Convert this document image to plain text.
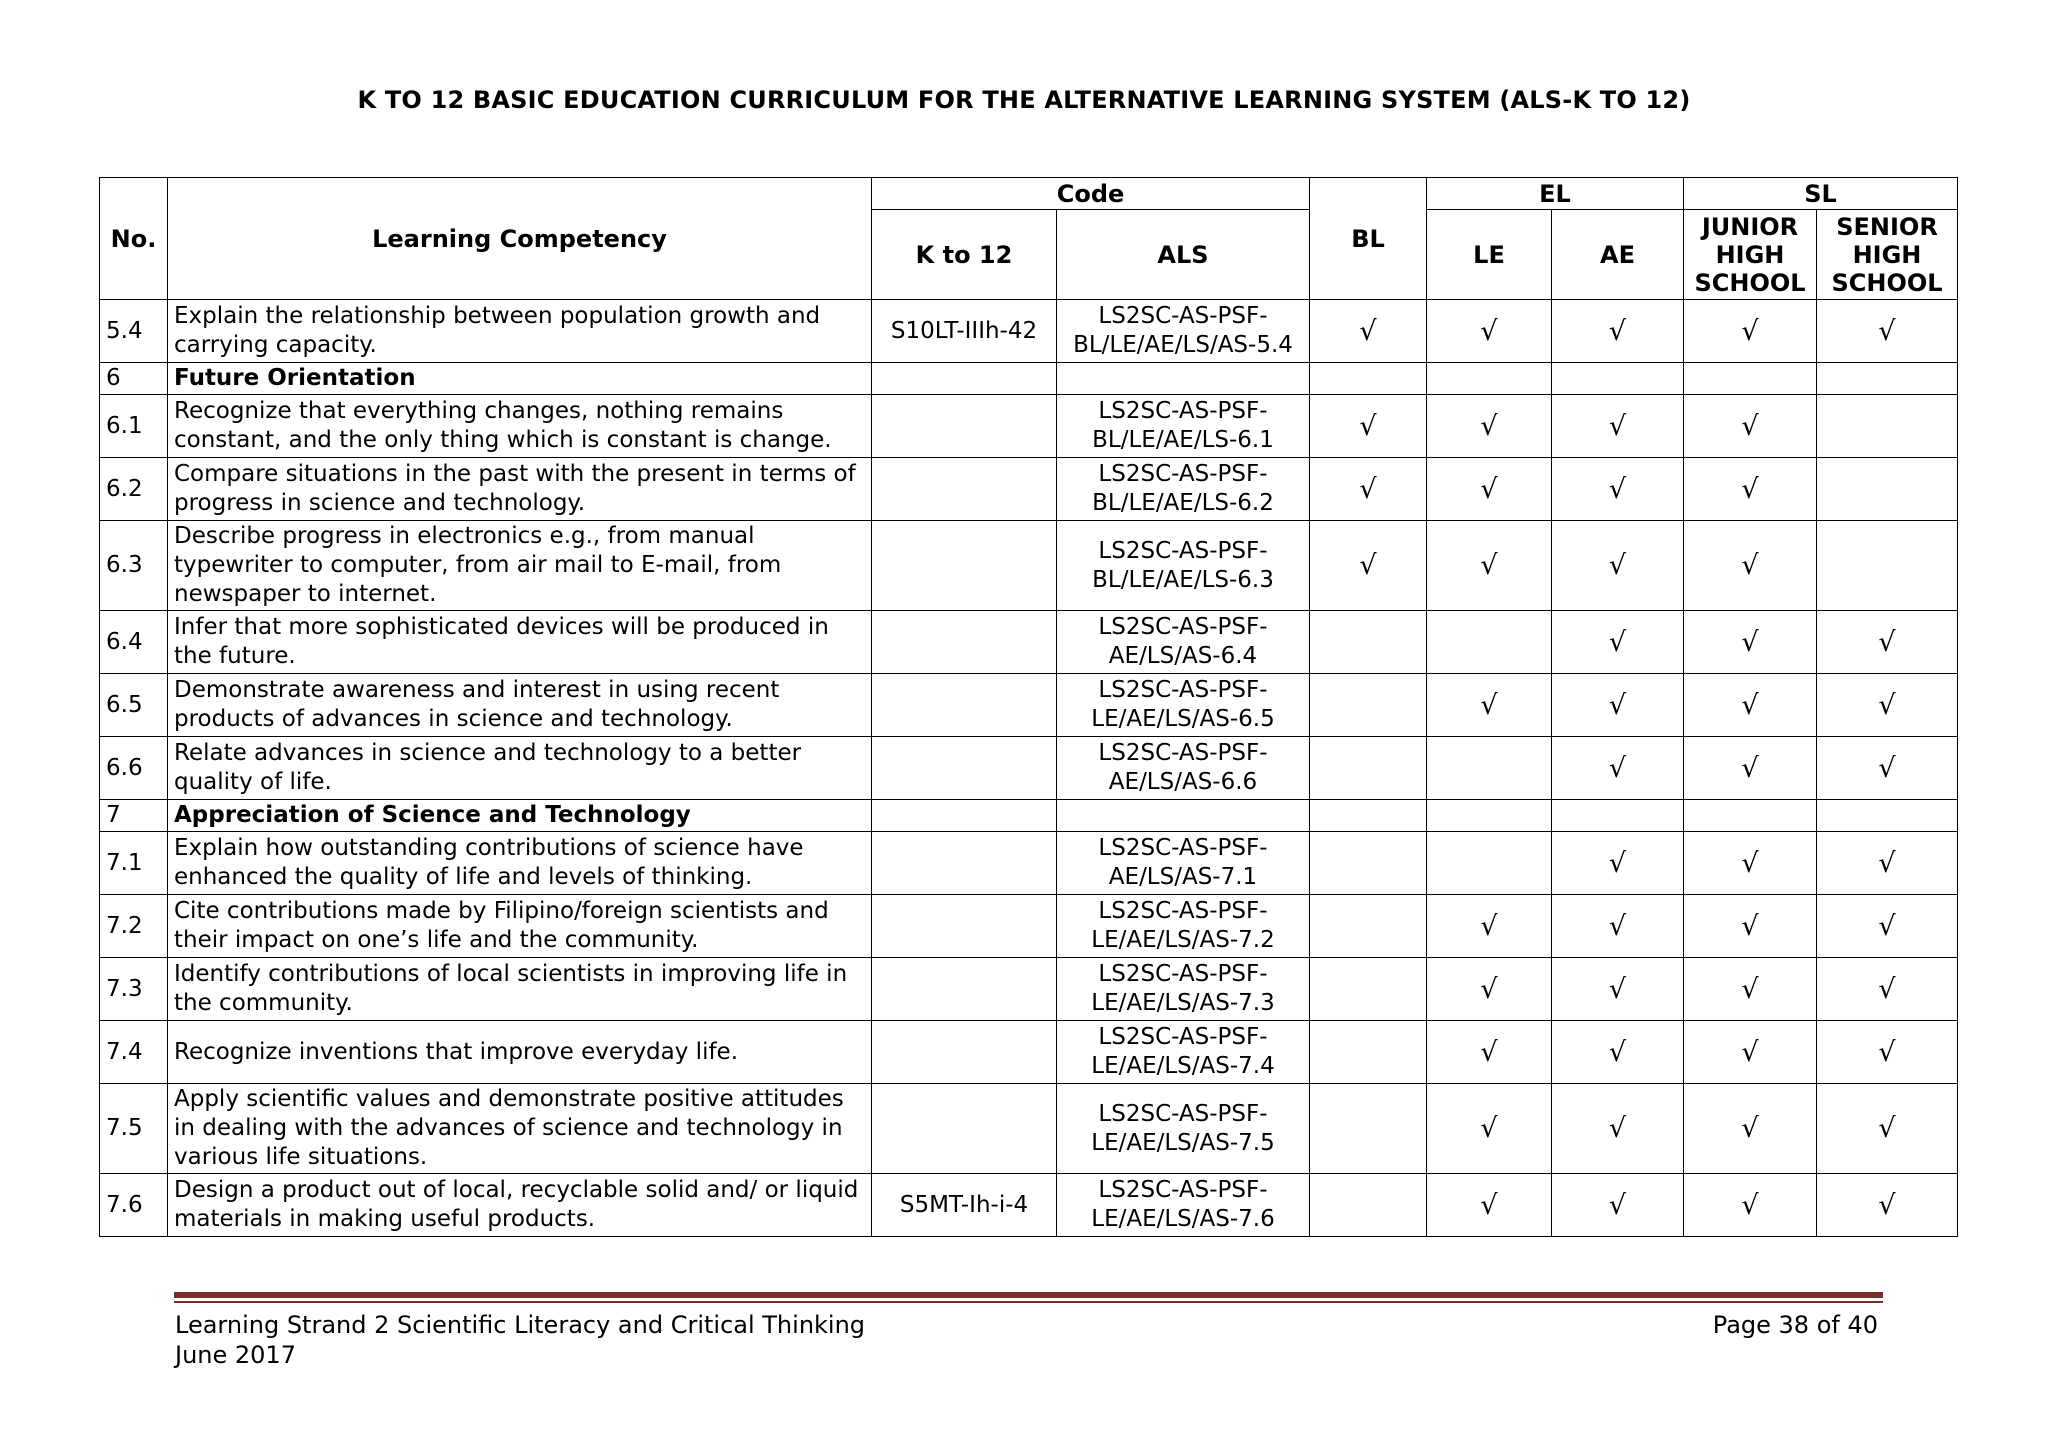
K TO 12 BASIC EDUCATION CURRICULUM FOR THE ALTERNATIVE LEARNING SYSTEM (ALS-K TO 12)
No.	Learning Competency	Code		BL	EL		SL	
		K to 12	ALS		LE	AE	JUNIOR HIGH SCHOOL	SENIOR HIGH SCHOOL
5.4	Explain the relationship between population growth and carrying capacity.	S10LT-IIIh-42	LS2SC-AS-PSF-BL/LE/AE/LS/AS-5.4	√	√	√	√	√
6	Future Orientation							
6.1	Recognize that everything changes, nothing remains constant, and the only thing which is constant is change.		LS2SC-AS-PSF-BL/LE/AE/LS-6.1	√	√	√	√	
6.2	Compare situations in the past with the present in terms of progress in science and technology.		LS2SC-AS-PSF-BL/LE/AE/LS-6.2	√	√	√	√	
6.3	Describe progress in electronics e.g., from manual typewriter to computer, from air mail to E-mail, from newspaper to internet.		LS2SC-AS-PSF-BL/LE/AE/LS-6.3	√	√	√	√	
6.4	Infer that more sophisticated devices will be produced in the future.		LS2SC-AS-PSF-AE/LS/AS-6.4			√	√	√
6.5	Demonstrate awareness and interest in using recent products of advances in science and technology.		LS2SC-AS-PSF-LE/AE/LS/AS-6.5		√	√	√	√
6.6	Relate advances in science and technology to a better quality of life.		LS2SC-AS-PSF-AE/LS/AS-6.6			√	√	√
7	Appreciation of Science and Technology							
7.1	Explain how outstanding contributions of science have enhanced the quality of life and levels of thinking.		LS2SC-AS-PSF-AE/LS/AS-7.1			√	√	√
7.2	Cite contributions made by Filipino/foreign scientists and their impact on one’s life and the community.		LS2SC-AS-PSF-LE/AE/LS/AS-7.2		√	√	√	√
7.3	Identify contributions of local scientists in improving life in the community.		LS2SC-AS-PSF-LE/AE/LS/AS-7.3		√	√	√	√
7.4	Recognize inventions that improve everyday life.		LS2SC-AS-PSF-LE/AE/LS/AS-7.4		√	√	√	√
7.5	Apply scientific values and demonstrate positive attitudes in dealing with the advances of science and technology in various life situations.		LS2SC-AS-PSF-LE/AE/LS/AS-7.5		√	√	√	√
7.6	Design a product out of local, recyclable solid and/ or liquid materials in making useful products.	S5MT-Ih-i-4	LS2SC-AS-PSF-LE/AE/LS/AS-7.6		√	√	√	√
Learning Strand 2 Scientific Literacy and Critical Thinking
June 2017
Page 38 of 40
